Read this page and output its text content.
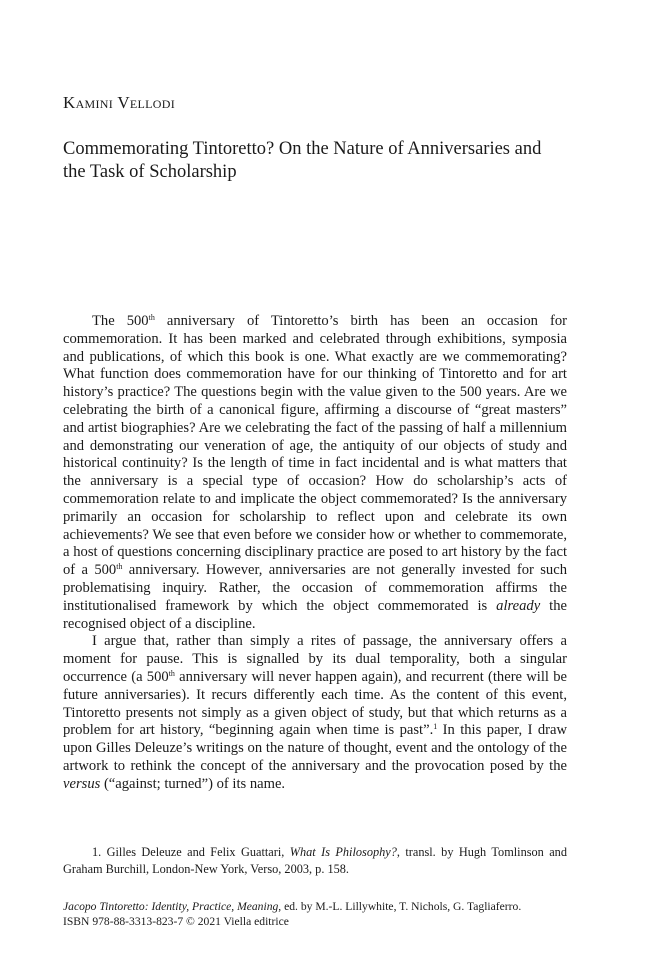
Kamini Vellodi
Commemorating Tintoretto? On the Nature of Anniversaries and the Task of Scholarship

The 500th anniversary of Tintoretto’s birth has been an occasion for commemoration. It has been marked and celebrated through exhibitions, symposia and publications, of which this book is one. What exactly are we commemorating? What function does commemoration have for our thinking of Tintoretto and for art history’s practice? The questions begin with the value given to the 500 years. Are we celebrating the birth of a canonical figure, affirming a discourse of “great masters” and artist biographies? Are we celebrating the fact of the passing of half a millennium and demonstrating our veneration of age, the antiquity of our objects of study and historical continuity? Is the length of time in fact incidental and is what matters that the anniversary is a special type of occasion? How do scholarship’s acts of commemoration relate to and implicate the object commemorated? Is the anniversary primarily an occasion for scholarship to reflect upon and celebrate its own achievements? We see that even before we consider how or whether to commemorate, a host of questions concerning disciplinary practice are posed to art history by the fact of a 500th anniversary. However, anniversaries are not generally invested for such problematising inquiry. Rather, the occasion of commemoration affirms the institutionalised framework by which the object commemorated is already the recognised object of a discipline.

I argue that, rather than simply a rites of passage, the anniversary offers a moment for pause. This is signalled by its dual temporality, both a singular occurrence (a 500th anniversary will never happen again), and recurrent (there will be future anniversaries). It recurs differently each time. As the content of this event, Tintoretto presents not simply as a given object of study, but that which returns as a problem for art history, “beginning again when time is past”.$^1$ In this paper, I draw upon Gilles Deleuze’s writings on the nature of thought, event and the ontology of the artwork to rethink the concept of the anniversary and the provocation posed by the versus (“against; turned”) of its name.

1. Gilles Deleuze and Felix Guattari, What Is Philosophy?, transl. by Hugh Tomlinson and Graham Burchill, London-New York, Verso, 2003, p. 158.

Jacopo Tintoretto: Identity, Practice, Meaning, ed. by M.-L. Lillywhite, T. Nichols, G. Tagliaferro.
ISBN 978-88-3313-823-7 © 2021 Viella editrice
